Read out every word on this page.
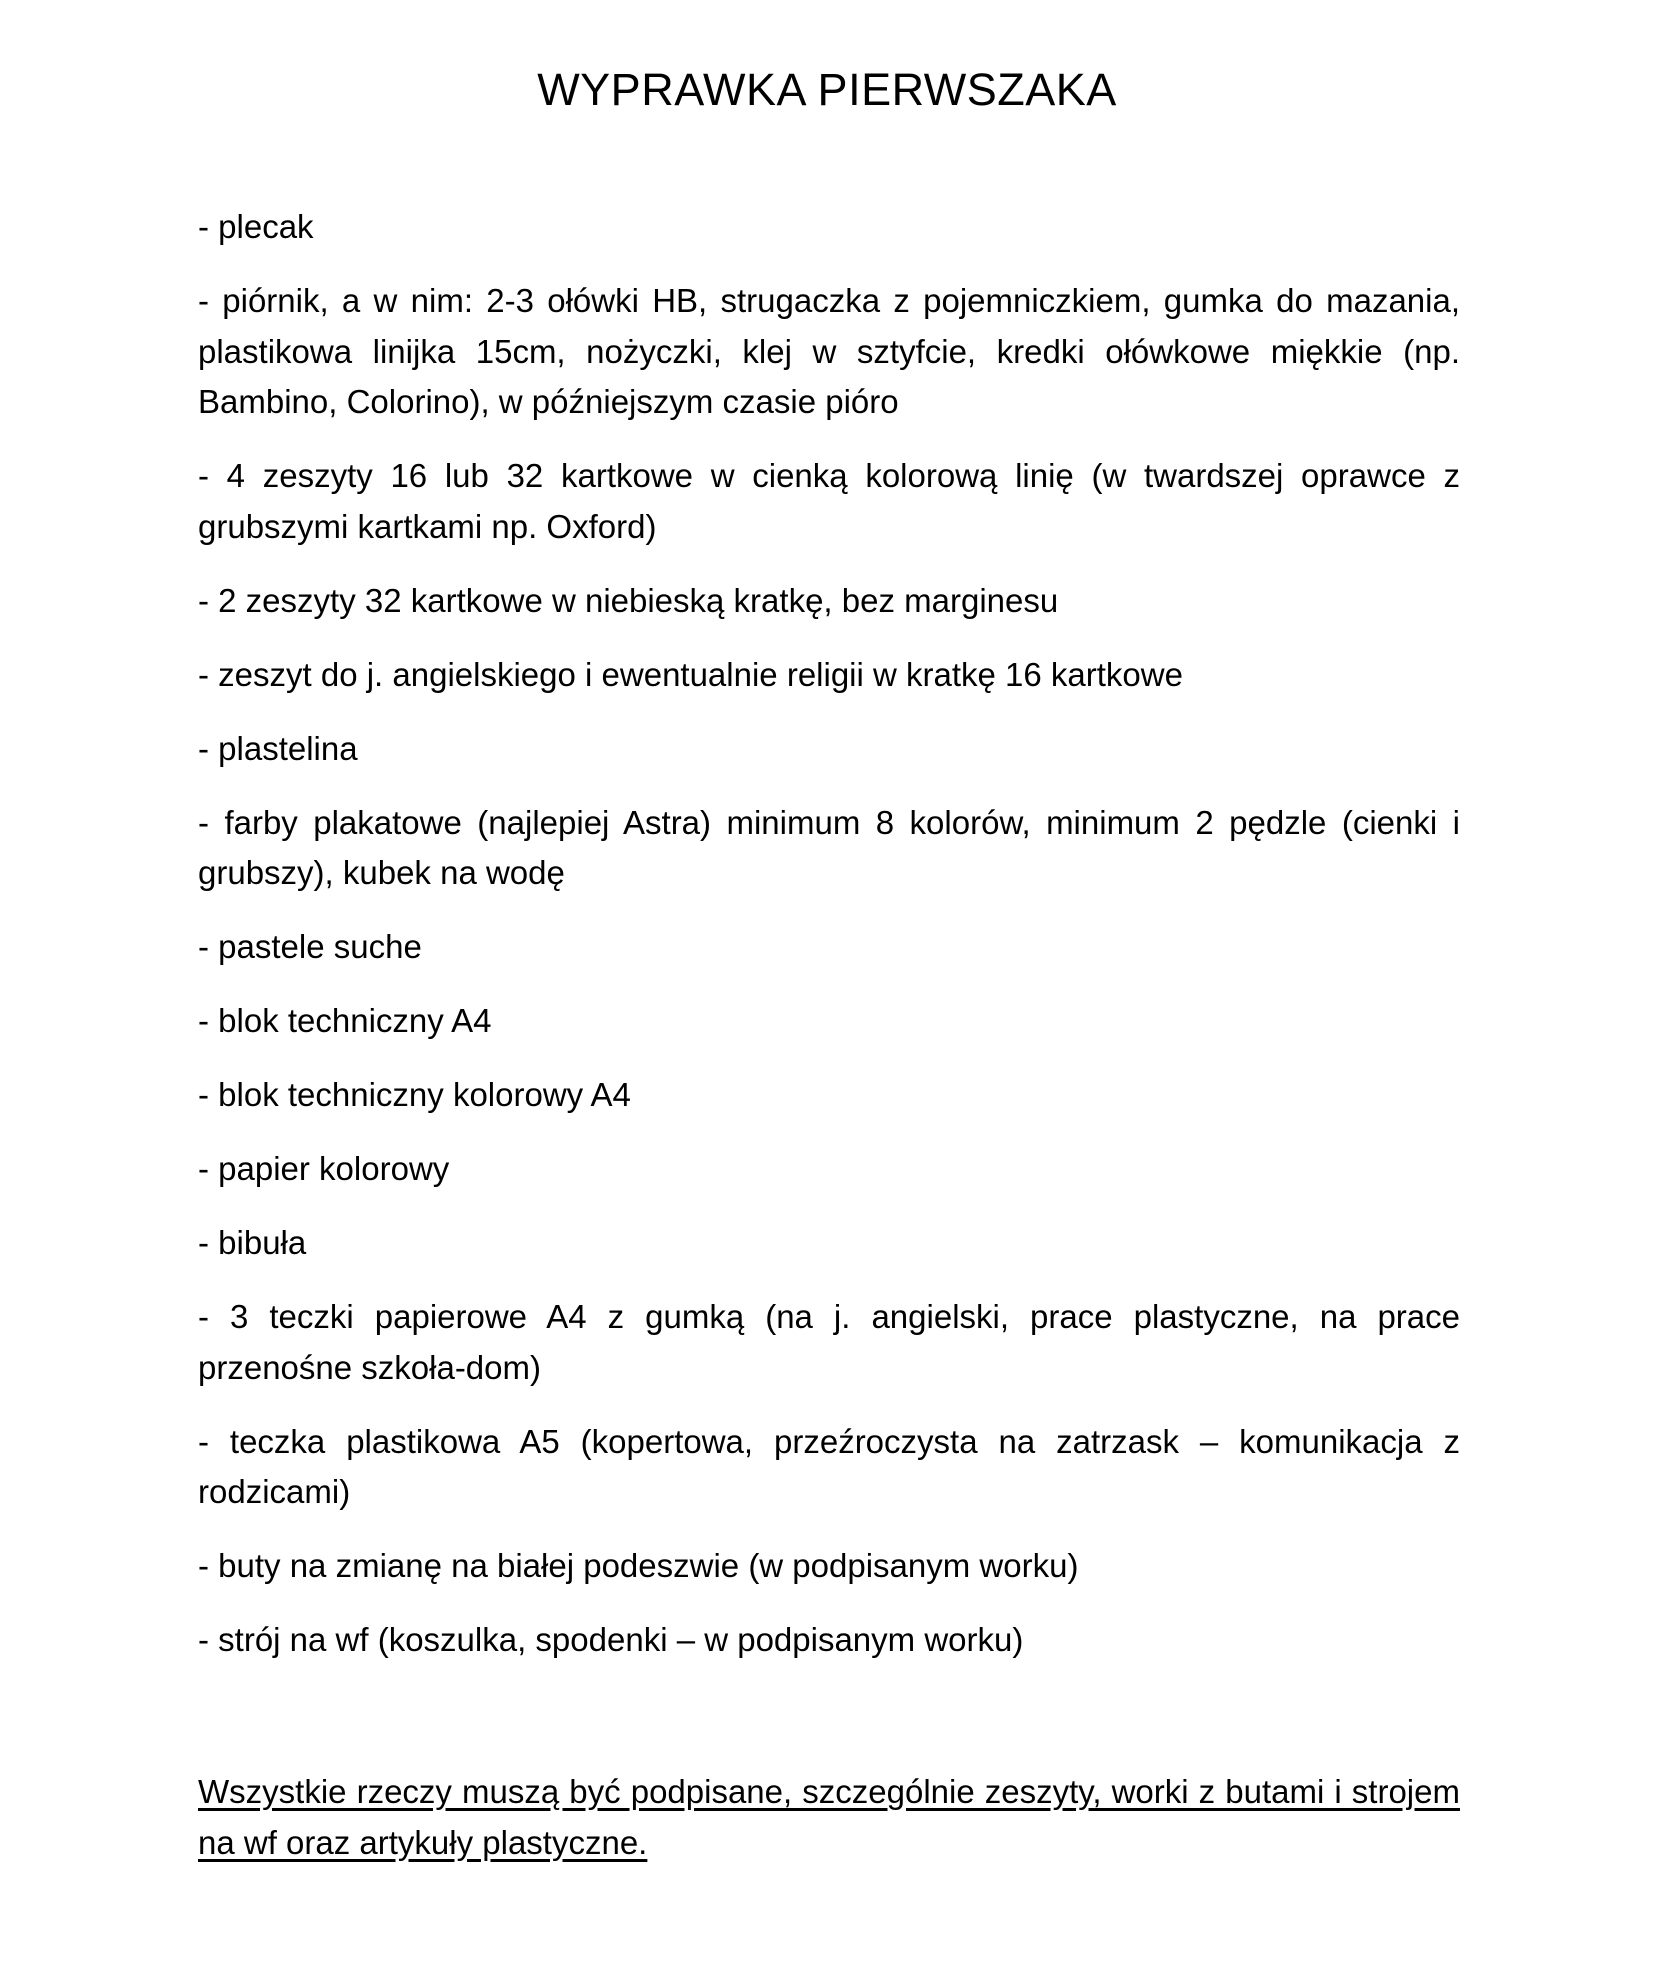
WYPRAWKA PIERWSZAKA
- plecak
- piórnik, a w nim: 2-3 ołówki HB, strugaczka z pojemniczkiem, gumka do mazania, plastikowa linijka 15cm, nożyczki, klej w sztyfcie, kredki ołówkowe miękkie (np. Bambino, Colorino), w późniejszym czasie pióro
- 4 zeszyty 16 lub 32 kartkowe w cienką kolorową linię (w twardszej oprawce z grubszymi kartkami np. Oxford)
- 2 zeszyty 32 kartkowe w niebieską kratkę, bez marginesu
- zeszyt do j. angielskiego i ewentualnie religii w kratkę 16 kartkowe
- plastelina
- farby plakatowe (najlepiej Astra) minimum 8 kolorów, minimum 2 pędzle (cienki i grubszy), kubek na wodę
- pastele suche
- blok techniczny A4
- blok techniczny kolorowy A4
- papier kolorowy
- bibuła
- 3 teczki papierowe A4 z gumką (na j. angielski, prace plastyczne, na prace przenośne szkoła-dom)
- teczka plastikowa A5 (kopertowa, przeźroczysta na zatrzask – komunikacja z rodzicami)
- buty na zmianę na białej podeszwie (w podpisanym worku)
- strój na wf (koszulka, spodenki – w podpisanym worku)

Wszystkie rzeczy muszą być podpisane, szczególnie zeszyty, worki z butami i strojem na wf oraz artykuły plastyczne.
